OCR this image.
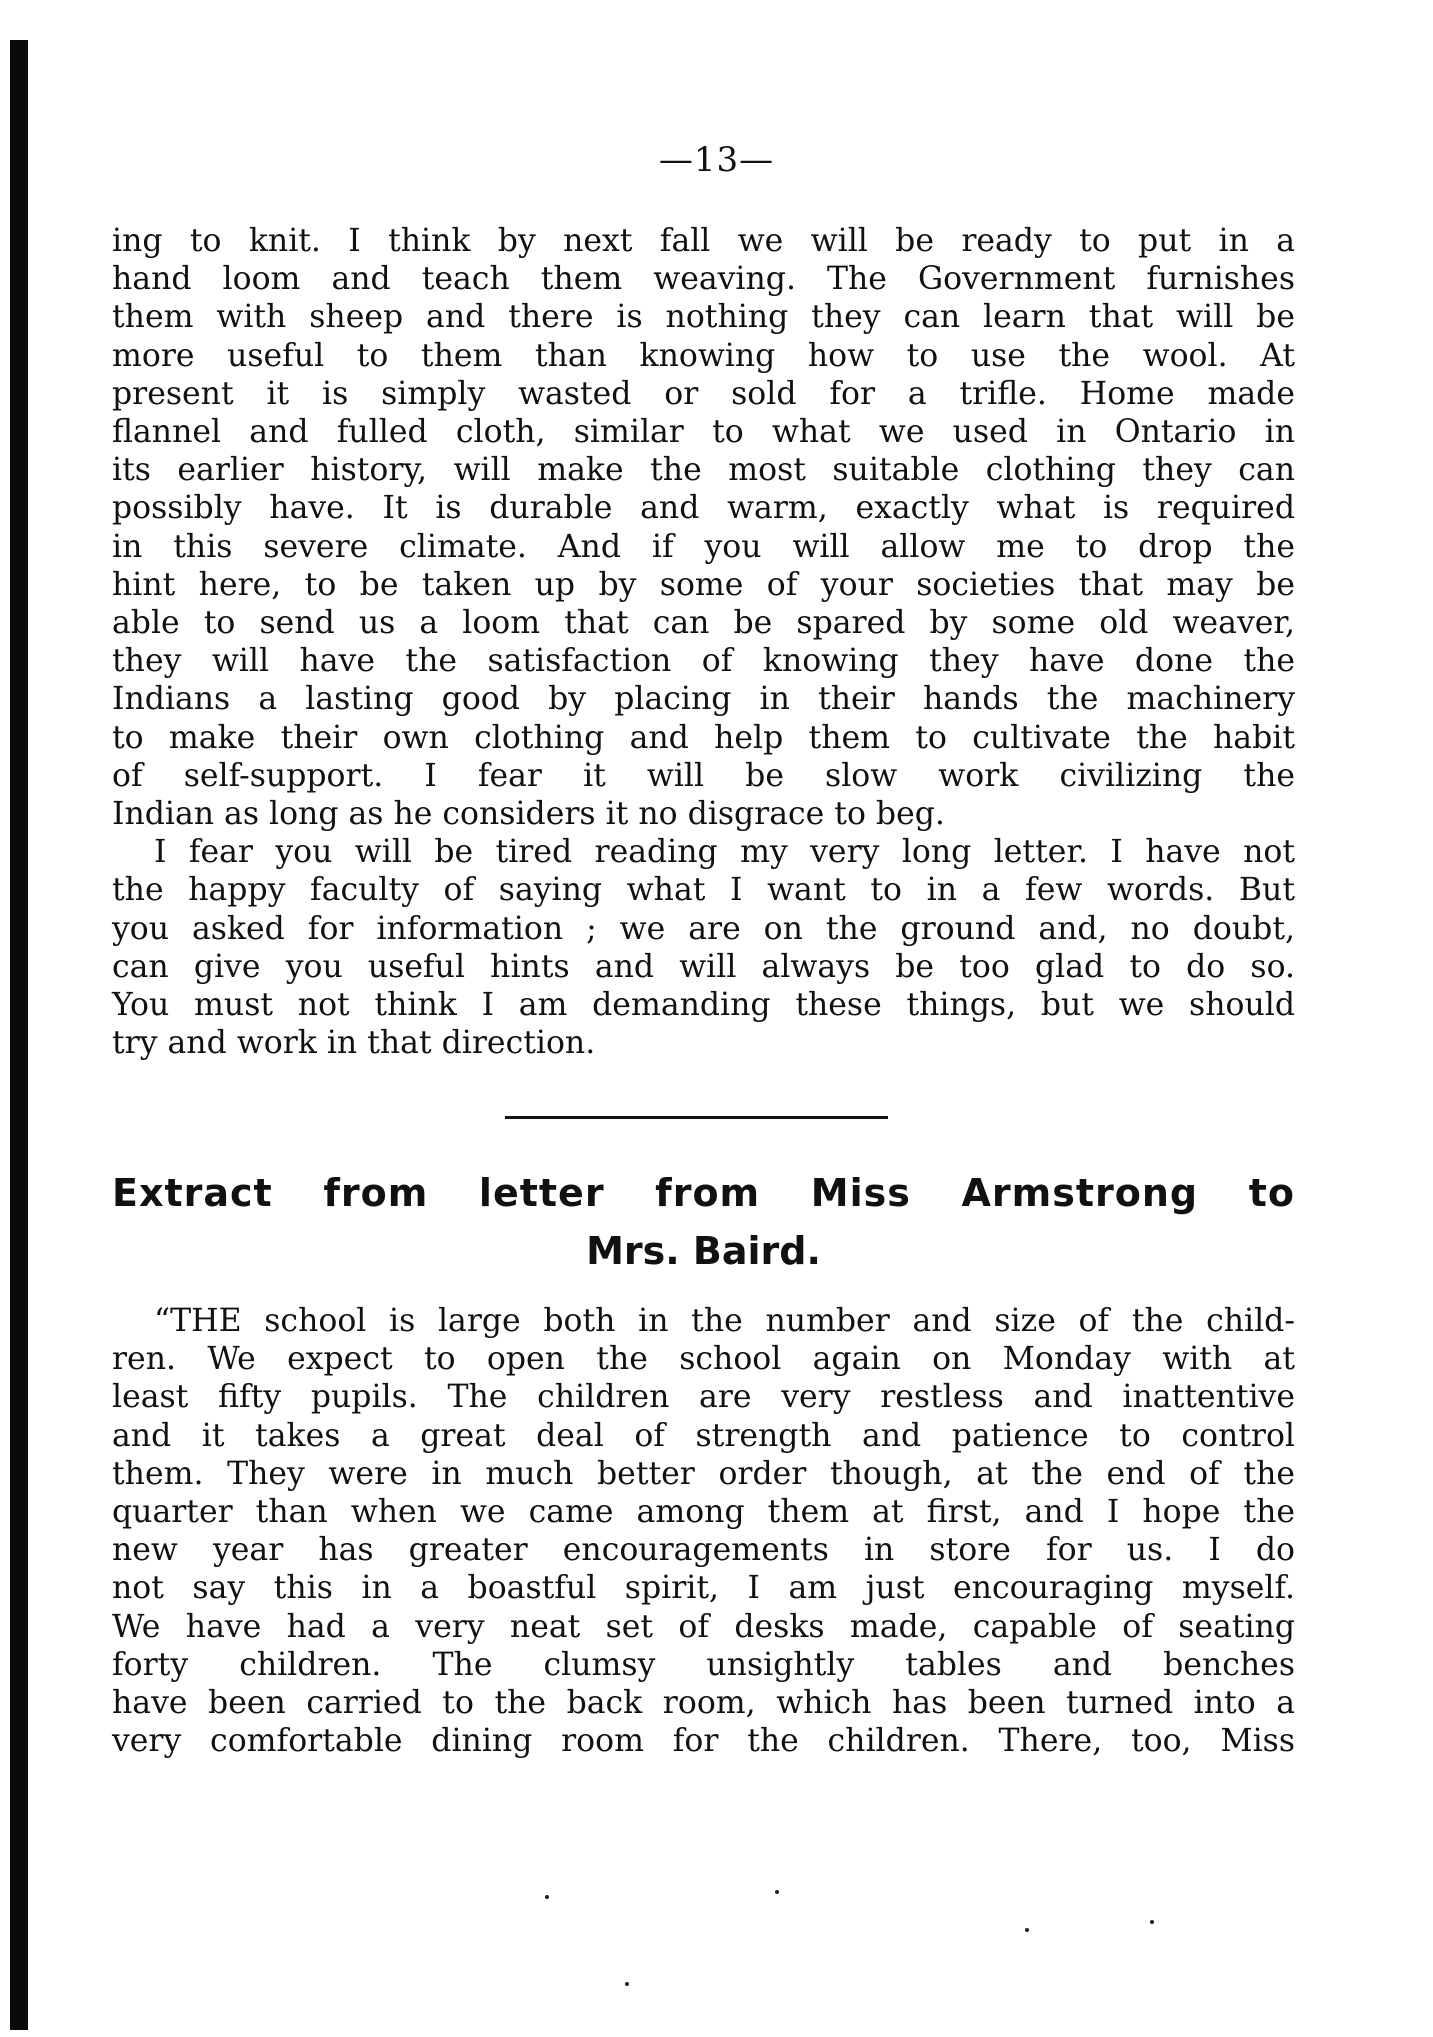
—13—
ing to knit. I think by next fall we will be ready to put in a
hand loom and teach them weaving. The Government furnishes
them with sheep and there is nothing they can learn that will be
more useful to them than knowing how to use the wool. At
present it is simply wasted or sold for a trifle. Home made
flannel and fulled cloth, similar to what we used in Ontario in
its earlier history, will make the most suitable clothing they can
possibly have. It is durable and warm, exactly what is required
in this severe climate. And if you will allow me to drop the
hint here, to be taken up by some of your societies that may be
able to send us a loom that can be spared by some old weaver,
they will have the satisfaction of knowing they have done the
Indians a lasting good by placing in their hands the machinery
to make their own clothing and help them to cultivate the habit
of self-support. I fear it will be slow work civilizing the
Indian as long as he considers it no disgrace to beg.
I fear you will be tired reading my very long letter. I have not
the happy faculty of saying what I want to in a few words. But
you asked for information ; we are on the ground and, no doubt,
can give you useful hints and will always be too glad to do so.
You must not think I am demanding these things, but we should
try and work in that direction.
Extract from letter from Miss Armstrong to
Mrs. Baird.
“THE school is large both in the number and size of the child-
ren. We expect to open the school again on Monday with at
least fifty pupils. The children are very restless and inattentive
and it takes a great deal of strength and patience to control
them. They were in much better order though, at the end of the
quarter than when we came among them at first, and I hope the
new year has greater encouragements in store for us. I do
not say this in a boastful spirit, I am just encouraging myself.
We have had a very neat set of desks made, capable of seating
forty children. The clumsy unsightly tables and benches
have been carried to the back room, which has been turned into a
very comfortable dining room for the children. There, too, Miss
